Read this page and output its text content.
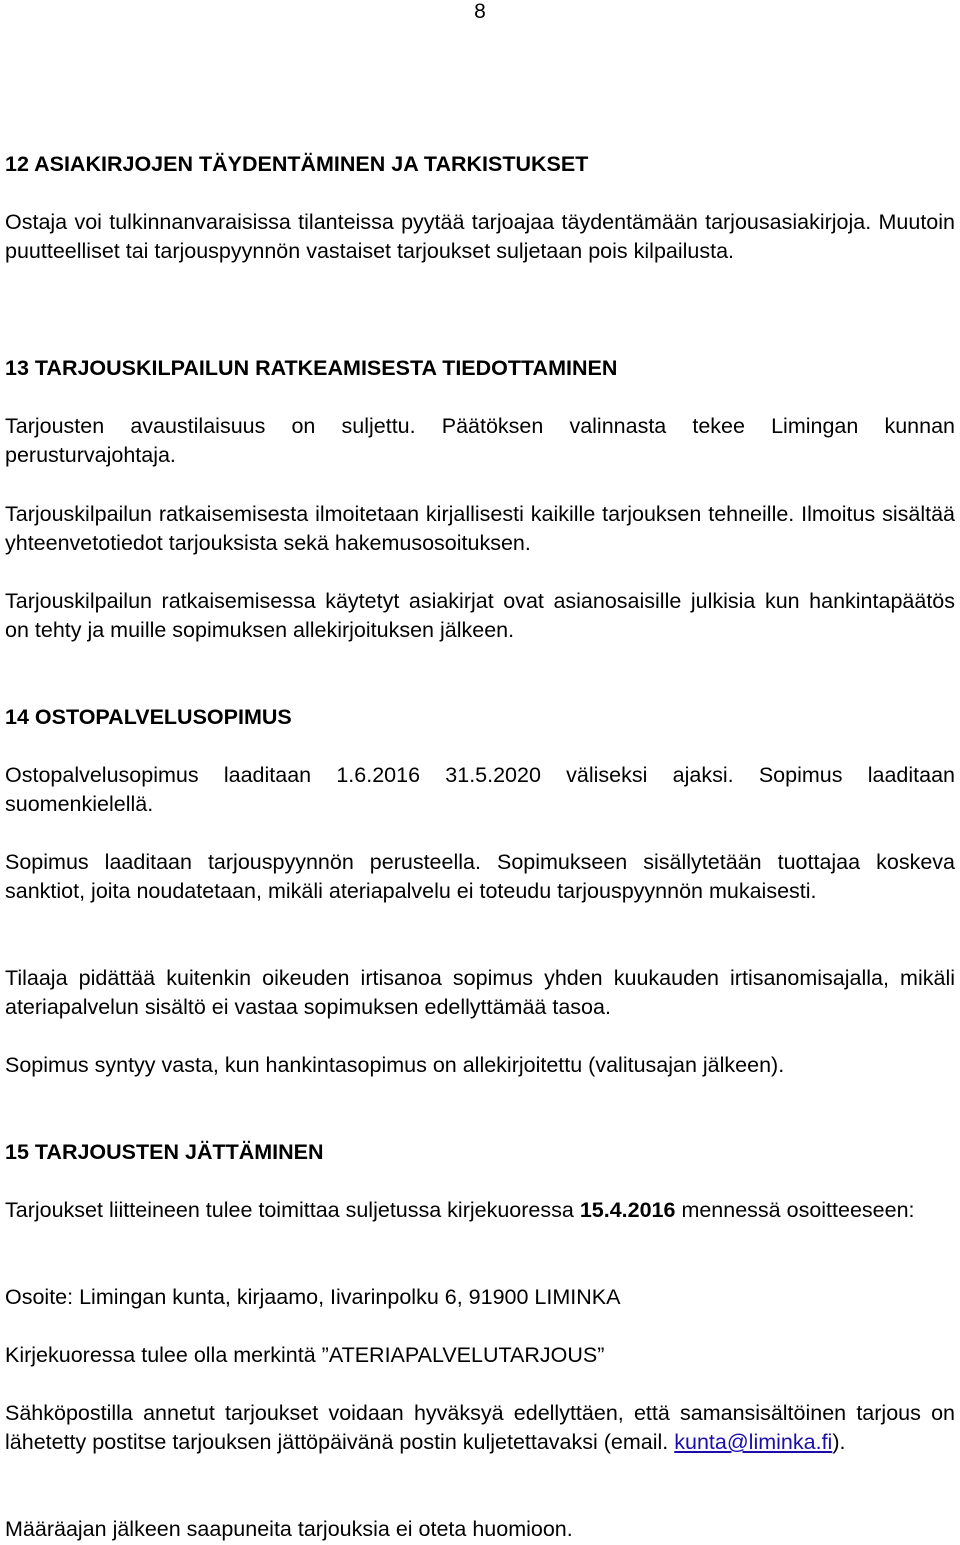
8
12 ASIAKIRJOJEN TÄYDENTÄMINEN JA TARKISTUKSET

Ostaja voi tulkinnanvaraisissa tilanteissa pyytää tarjoajaa täydentämään tarjousasiakirjoja. Muutoin puutteelliset tai tarjouspyynnön vastaiset tarjoukset suljetaan pois kilpailusta.

13 TARJOUSKILPAILUN RATKEAMISESTA TIEDOTTAMINEN

Tarjousten avaustilaisuus on suljettu. Päätöksen valinnasta tekee Limingan kunnan perusturvajohtaja.

Tarjouskilpailun ratkaisemisesta ilmoitetaan kirjallisesti kaikille tarjouksen tehneille. Ilmoitus sisältää yhteenvetotiedot tarjouksista sekä hakemusosoituksen.

Tarjouskilpailun ratkaisemisessa käytetyt asiakirjat ovat asianosaisille julkisia kun hankintapäätös on tehty ja muille sopimuksen allekirjoituksen jälkeen.

14 OSTOPALVELUSOPIMUS

Ostopalvelusopimus laaditaan 1.6.2016 31.5.2020 väliseksi ajaksi. Sopimus laaditaan suomenkielellä.

Sopimus laaditaan tarjouspyynnön perusteella. Sopimukseen sisällytetään tuottajaa koskeva sanktiot, joita noudatetaan, mikäli ateriapalvelu ei toteudu tarjouspyynnön mukaisesti.

Tilaaja pidättää kuitenkin oikeuden irtisanoa sopimus yhden kuukauden irtisanomisajalla, mikäli ateriapalvelun sisältö ei vastaa sopimuksen edellyttämää tasoa.

Sopimus syntyy vasta, kun hankintasopimus on allekirjoitettu (valitusajan jälkeen).

15 TARJOUSTEN JÄTTÄMINEN

Tarjoukset liitteineen tulee toimittaa suljetussa kirjekuoressa 15.4.2016 mennessä osoitteeseen:

Osoite: Limingan kunta, kirjaamo, Iivarinpolku 6, 91900 LIMINKA

Kirjekuoressa tulee olla merkintä ”ATERIAPALVELUTARJOUS”

Sähköpostilla annetut tarjoukset voidaan hyväksyä edellyttäen, että samansisältöinen tarjous on lähetetty postitse tarjouksen jättöpäivänä postin kuljetettavaksi (email. kunta@liminka.fi).

Määräajan jälkeen saapuneita tarjouksia ei oteta huomioon.
